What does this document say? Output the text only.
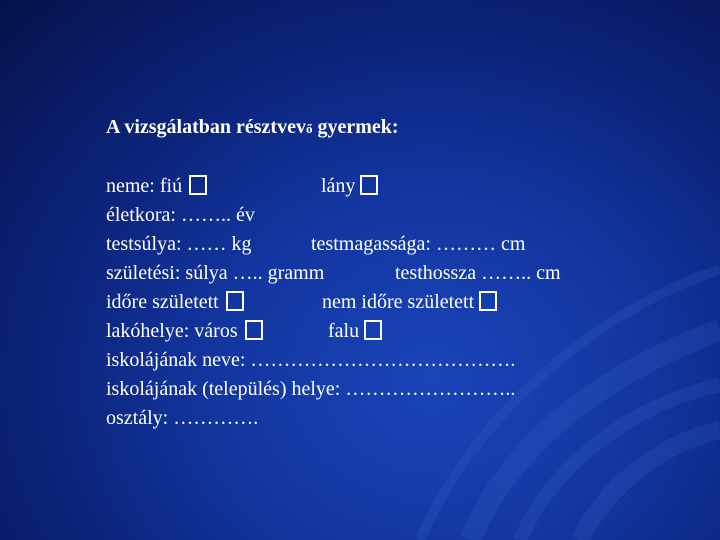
A vizsgálatban résztvevő gyermek:
neme: fiú	lány
életkora: …….. év
testsúlya: …… kg	testmagassága: ……… cm
születési: súlya ….. gramm	testhossza …….. cm
időre született	nem időre született
lakóhelye: város	falu
iskolájának neve: ………………………………….
iskolájának (település) helye: ……………………..
osztály: ………….
